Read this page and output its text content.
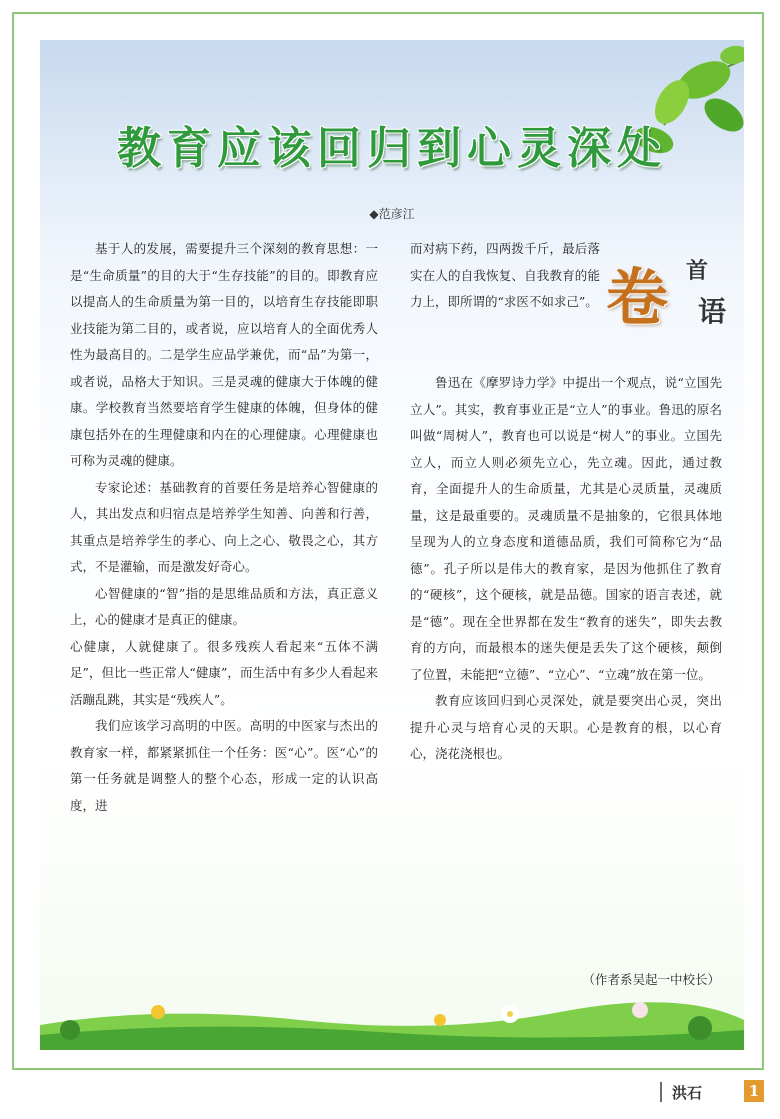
教育应该回归到心灵深处
◆范彦江

基于人的发展，需要提升三个深刻的教育思想：一是“生命质量”的目的大于“生存技能”的目的。即教育应以提高人的生命质量为第一目的，以培育生存技能即职业技能为第二目的，或者说，应以培育人的全面优秀人性为最高目的。二是学生应品学兼优，而“品”为第一，或者说，品格大于知识。三是灵魂的健康大于体魄的健康。学校教育当然要培育学生健康的体魄，但身体的健康包括外在的生理健康和内在的心理健康。心理健康也可称为灵魂的健康。

专家论述：基础教育的首要任务是培养心智健康的人，其出发点和归宿点是培养学生知善、向善和行善，其重点是培养学生的孝心、向上之心、敬畏之心，其方式，不是灌输，而是激发好奇心。

心智健康的“智”指的是思维品质和方法，真正意义上，心的健康才是真正的健康。

心健康，人就健康了。很多残疾人看起来“五体不满足”，但比一些正常人“健康”，而生活中有多少人看起来活蹦乱跳，其实是“残疾人”。

我们应该学习高明的中医。高明的中医家与杰出的教育家一样，都紧紧抓住一个任务：医“心”。医“心”的第一任务就是调整人的整个心态，形成一定的认识高度，进

而对病下药，四两拨千斤，最后落实在人的自我恢复、自我教育的能力上，即所谓的“求医不如求己”。 卷 首
语

鲁迅在《摩罗诗力学》中提出一个观点，说“立国先立人”。其实，教育事业正是“立人”的事业。鲁迅的原名叫做“周树人”，教育也可以说是“树人”的事业。立国先立人，而立人则必须先立心，先立魂。因此，通过教育，全面提升人的生命质量，尤其是心灵质量，灵魂质量，这是最重要的。灵魂质量不是抽象的，它很具体地呈现为人的立身态度和道德品质，我们可简称它为“品德”。孔子所以是伟大的教育家，是因为他抓住了教育的“硬核”，这个硬核，就是品德。国家的语言表述，就是“德”。现在全世界都在发生“教育的迷失”，即失去教育的方向，而最根本的迷失便是丢失了这个硬核，颠倒了位置，未能把“立德”、“立心”、“立魂”放在第一位。

教育应该回归到心灵深处，就是要突出心灵，突出提升心灵与培育心灵的天职。心是教育的根，以心育心，浇花浇根也。

（作者系吴起一中校长）
洪石	1
